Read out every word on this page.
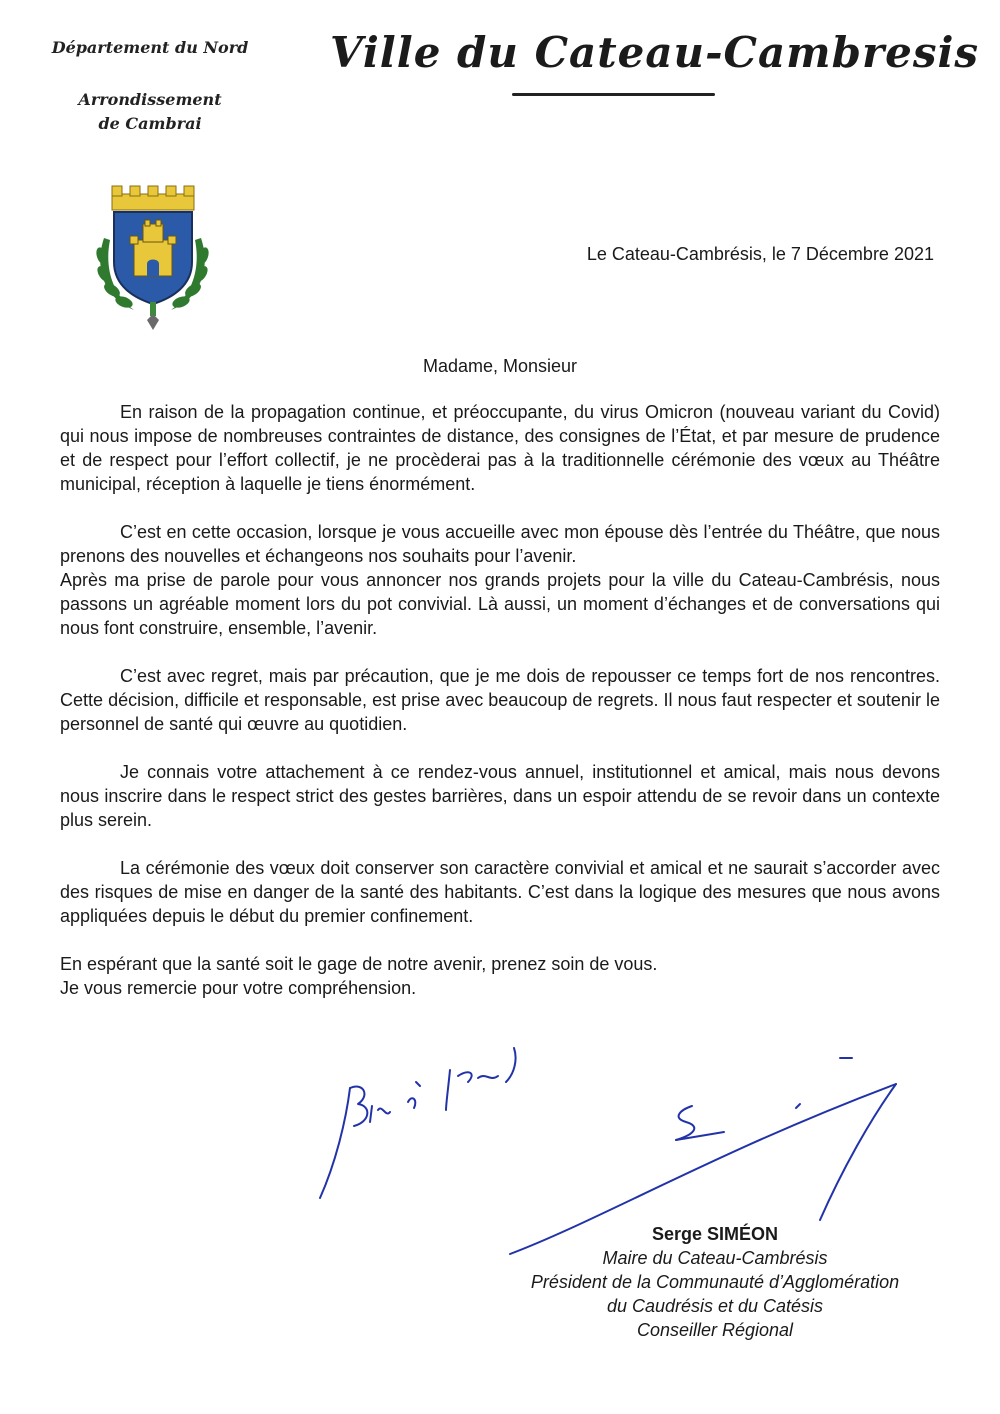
Département du Nord
Arrondissement
de Cambrai
Ville du Cateau-Cambresis
Le Cateau-Cambrésis, le 7 Décembre 2021
Madame, Monsieur

En raison de la propagation continue, et préoccupante, du virus Omicron (nouveau variant du Covid) qui nous impose de nombreuses contraintes de distance, des consignes de l’État, et par mesure de prudence et de respect pour l’effort collectif, je ne procèderai pas à la traditionnelle cérémonie des vœux au Théâtre municipal, réception à laquelle je tiens énormément.

C’est en cette occasion, lorsque je vous accueille avec mon épouse dès l’entrée du Théâtre, que nous prenons des nouvelles et échangeons nos souhaits pour l’avenir.

Après ma prise de parole pour vous annoncer nos grands projets pour la ville du Cateau-Cambrésis, nous passons un agréable moment lors du pot convivial. Là aussi, un moment d’échanges et de conversations qui nous font construire, ensemble, l’avenir.

C’est avec regret, mais par précaution, que je me dois de repousser ce temps fort de nos rencontres. Cette décision, difficile et responsable, est prise avec beaucoup de regrets. Il nous faut respecter et soutenir le personnel de santé qui œuvre au quotidien.

Je connais votre attachement à ce rendez-vous annuel, institutionnel et amical, mais nous devons nous inscrire dans le respect strict des gestes barrières, dans un espoir attendu de se revoir dans un contexte plus serein.

La cérémonie des vœux doit conserver son caractère convivial et amical et ne saurait s’accorder avec des risques de mise en danger de la santé des habitants. C’est dans la logique des mesures que nous avons appliquées depuis le début du premier confinement.

En espérant que la santé soit le gage de notre avenir, prenez soin de vous.

Je vous remercie pour votre compréhension.

Serge SIMÉON
Maire du Cateau-Cambrésis
Président de la Communauté d’Agglomération
du Caudrésis et du Catésis
Conseiller Régional
